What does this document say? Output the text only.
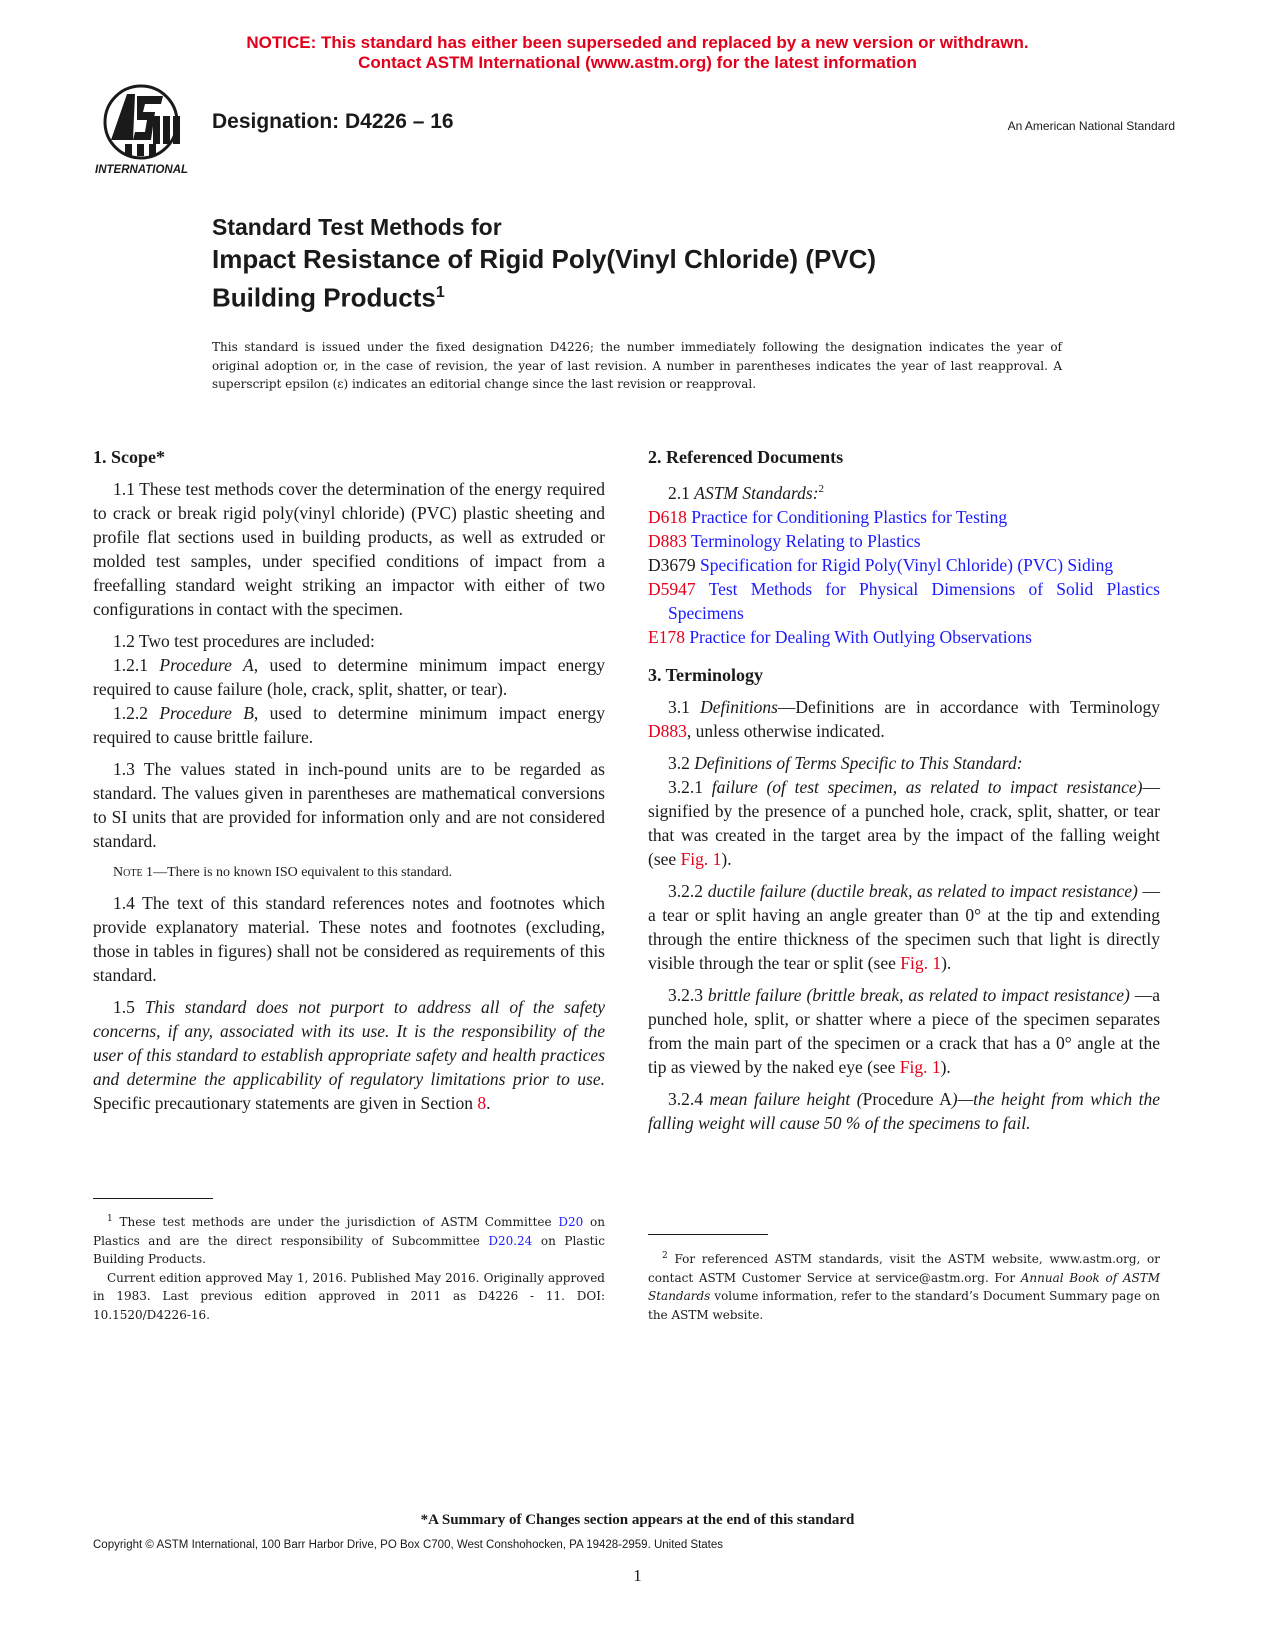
NOTICE: This standard has either been superseded and replaced by a new version or withdrawn.
Contact ASTM International (www.astm.org) for the latest information
INTERNATIONAL
Designation: D4226 – 16	An American National Standard
Standard Test Methods for
Impact Resistance of Rigid Poly(Vinyl Chloride) (PVC)
Building Products$^1$
This standard is issued under the fixed designation D4226; the number immediately following the designation indicates the year of original adoption or, in the case of revision, the year of last revision. A number in parentheses indicates the year of last reapproval. A superscript epsilon (ε) indicates an editorial change since the last revision or reapproval.
1. Scope*

1.1 These test methods cover the determination of the energy required to crack or break rigid poly(vinyl chloride) (PVC) plastic sheeting and profile flat sections used in building products, as well as extruded or molded test samples, under specified conditions of impact from a freefalling standard weight striking an impactor with either of two configurations in contact with the specimen.

1.2 Two test procedures are included:

1.2.1 Procedure A, used to determine minimum impact energy required to cause failure (hole, crack, split, shatter, or tear).

1.2.2 Procedure B, used to determine minimum impact energy required to cause brittle failure.

1.3 The values stated in inch-pound units are to be regarded as standard. The values given in parentheses are mathematical conversions to SI units that are provided for information only and are not considered standard.

Note 1—There is no known ISO equivalent to this standard.

1.4 The text of this standard references notes and footnotes which provide explanatory material. These notes and footnotes (excluding, those in tables in figures) shall not be considered as requirements of this standard.

1.5 This standard does not purport to address all of the safety concerns, if any, associated with its use. It is the responsibility of the user of this standard to establish appropriate safety and health practices and determine the applicability of regulatory limitations prior to use. Specific precautionary statements are given in Section 8.

2. Referenced Documents

2.1 ASTM Standards:$^2$

D618 Practice for Conditioning Plastics for Testing

D883 Terminology Relating to Plastics

D3679 Specification for Rigid Poly(Vinyl Chloride) (PVC) Siding

D5947 Test Methods for Physical Dimensions of Solid Plastics Specimens

E178 Practice for Dealing With Outlying Observations

3. Terminology

3.1 Definitions—Definitions are in accordance with Terminology D883, unless otherwise indicated.

3.2 Definitions of Terms Specific to This Standard:

3.2.1 failure (of test specimen, as related to impact resistance)—signified by the presence of a punched hole, crack, split, shatter, or tear that was created in the target area by the impact of the falling weight (see Fig. 1).

3.2.2 ductile failure (ductile break, as related to impact resistance) —a tear or split having an angle greater than 0° at the tip and extending through the entire thickness of the specimen such that light is directly visible through the tear or split (see Fig. 1).

3.2.3 brittle failure (brittle break, as related to impact resistance) —a punched hole, split, or shatter where a piece of the specimen separates from the main part of the specimen or a crack that has a 0° angle at the tip as viewed by the naked eye (see Fig. 1).

3.2.4 mean failure height (Procedure A)—the height from which the falling weight will cause 50 % of the specimens to fail.

$^1$ These test methods are under the jurisdiction of ASTM Committee D20 on Plastics and are the direct responsibility of Subcommittee D20.24 on Plastic Building Products.

Current edition approved May 1, 2016. Published May 2016. Originally approved in 1983. Last previous edition approved in 2011 as D4226 - 11. DOI: 10.1520/D4226-16.

$^2$ For referenced ASTM standards, visit the ASTM website, www.astm.org, or contact ASTM Customer Service at service@astm.org. For Annual Book of ASTM Standards volume information, refer to the standard’s Document Summary page on the ASTM website.

*A Summary of Changes section appears at the end of this standard
Copyright © ASTM International, 100 Barr Harbor Drive, PO Box C700, West Conshohocken, PA 19428-2959. United States
1
